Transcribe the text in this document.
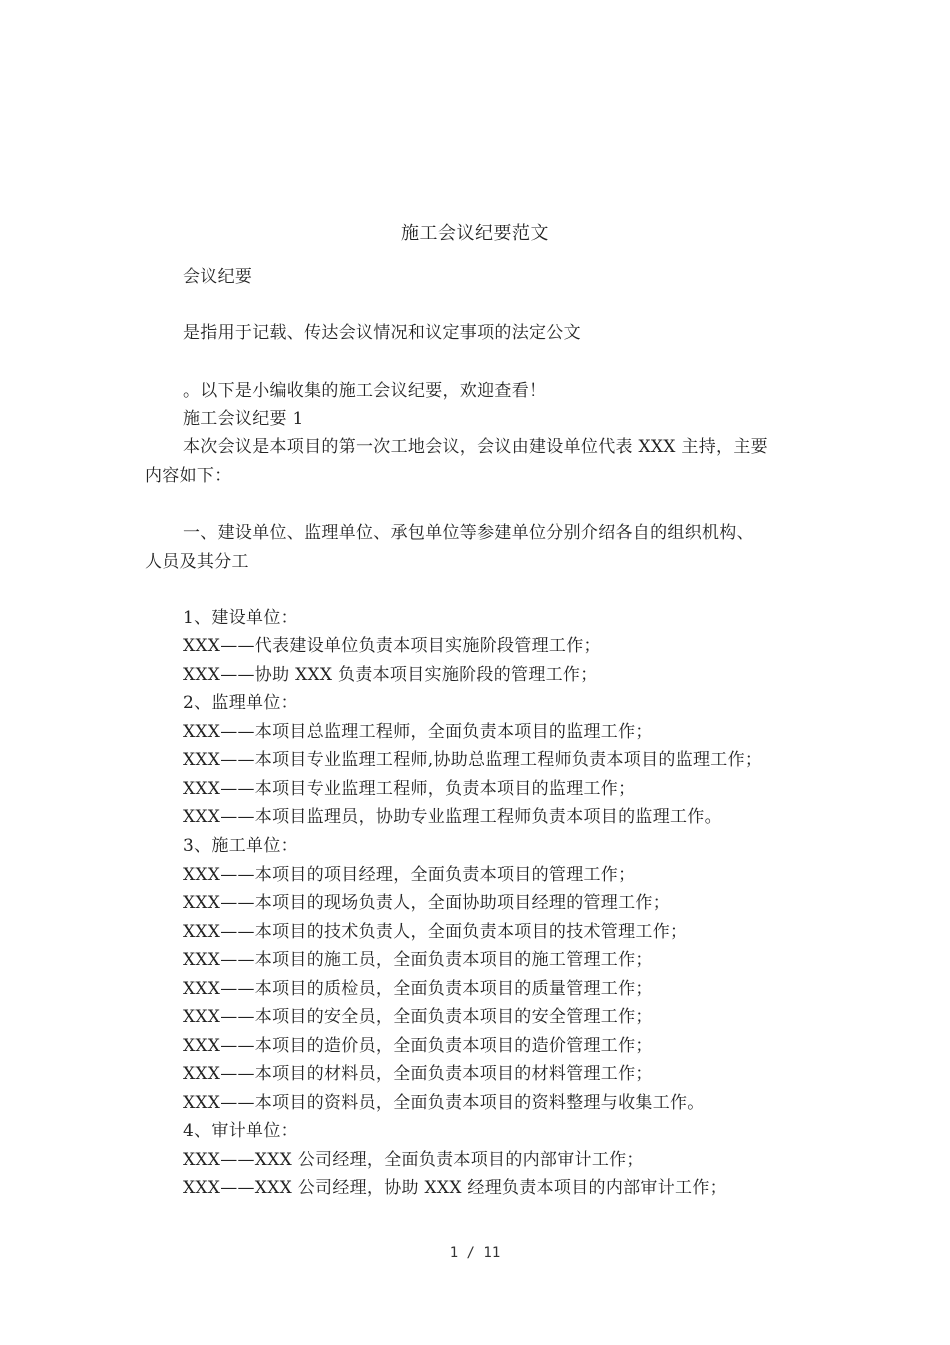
施工会议纪要范文
会议纪要
是指用于记载、传达会议情况和议定事项的法定公文
。以下是小编收集的施工会议纪要，欢迎查看！
施工会议纪要 1
本次会议是本项目的第一次工地会议，会议由建设单位代表 XXX 主持，主要
内容如下：
一、建设单位、监理单位、承包单位等参建单位分别介绍各自的组织机构、
人员及其分工
1、建设单位：
XXX——代表建设单位负责本项目实施阶段管理工作；
XXX——协助 XXX 负责本项目实施阶段的管理工作；
2、监理单位：
XXX——本项目总监理工程师，全面负责本项目的监理工作；
XXX——本项目专业监理工程师,协助总监理工程师负责本项目的监理工作；
XXX——本项目专业监理工程师，负责本项目的监理工作；
XXX——本项目监理员，协助专业监理工程师负责本项目的监理工作。
3、施工单位：
XXX——本项目的项目经理，全面负责本项目的管理工作；
XXX——本项目的现场负责人，全面协助项目经理的管理工作；
XXX——本项目的技术负责人，全面负责本项目的技术管理工作；
XXX——本项目的施工员，全面负责本项目的施工管理工作；
XXX——本项目的质检员，全面负责本项目的质量管理工作；
XXX——本项目的安全员，全面负责本项目的安全管理工作；
XXX——本项目的造价员，全面负责本项目的造价管理工作；
XXX——本项目的材料员，全面负责本项目的材料管理工作；
XXX——本项目的资料员，全面负责本项目的资料整理与收集工作。
4、审计单位：
XXX——XXX 公司经理，全面负责本项目的内部审计工作；
XXX——XXX 公司经理，协助 XXX 经理负责本项目的内部审计工作；
1 / 11
